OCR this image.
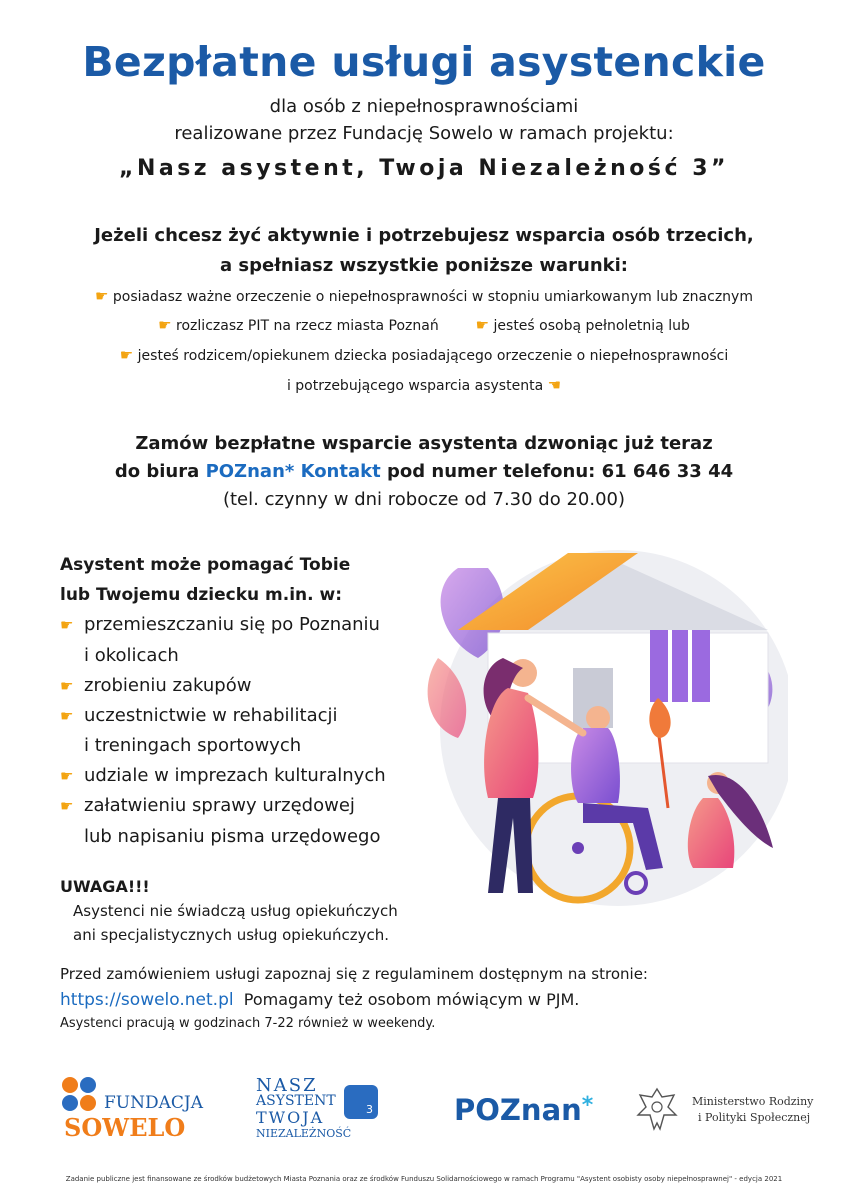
Bezpłatne usługi asystenckie
dla osób z niepełnosprawnościami
realizowane przez Fundację Sowelo w ramach projektu:
„Nasz asystent, Twoja Niezależność 3”
Jeżeli chcesz żyć aktywnie i potrzebujesz wsparcia osób trzecich,
a spełniasz wszystkie poniższe warunki:
☛ posiadasz ważne orzeczenie o niepełnosprawności w stopniu umiarkowanym lub znacznym
☛ rozliczasz PIT na rzecz miasta Poznań ☛ jesteś osobą pełnoletnią lub
☛ jesteś rodzicem/opiekunem dziecka posiadającego orzeczenie o niepełnosprawności
i potrzebującego wsparcia asystenta ☚
Zamów bezpłatne wsparcie asystenta dzwoniąc już teraz
do biura POZnan* Kontakt pod numer telefonu: 61 646 33 44
(tel. czynny w dni robocze od 7.30 do 20.00)
Asystent może pomagać Tobie
lub Twojemu dziecku m.in. w:
☛ przemieszczaniu się po Poznaniu
i okolicach
☛ zrobieniu zakupów
☛ uczestnictwie w rehabilitacji
i treningach sportowych
☛ udziale w imprezach kulturalnych
☛ załatwieniu sprawy urzędowej
lub napisaniu pisma urzędowego
UWAGA!!!
Asystenci nie świadczą usług opiekuńczych
ani specjalistycznych usług opiekuńczych.
Przed zamówieniem usługi zapoznaj się z regulaminem dostępnym na stronie:
https://sowelo.net.pl Pomagamy też osobom mówiącym w PJM.
Asystenci pracują w godzinach 7-22 również w weekendy.
FUNDACJA
SOWELO
NASZ
ASYSTENT
TWOJA
NIEZALEŻNOŚĆ
3	POZnan*	Ministerstwo Rodziny
i Polityki Społecznej
Zadanie publiczne jest finansowane ze środków budżetowych Miasta Poznania oraz ze środków Funduszu Solidarnościowego w ramach Programu "Asystent osobisty osoby niepełnosprawnej" - edycja 2021
